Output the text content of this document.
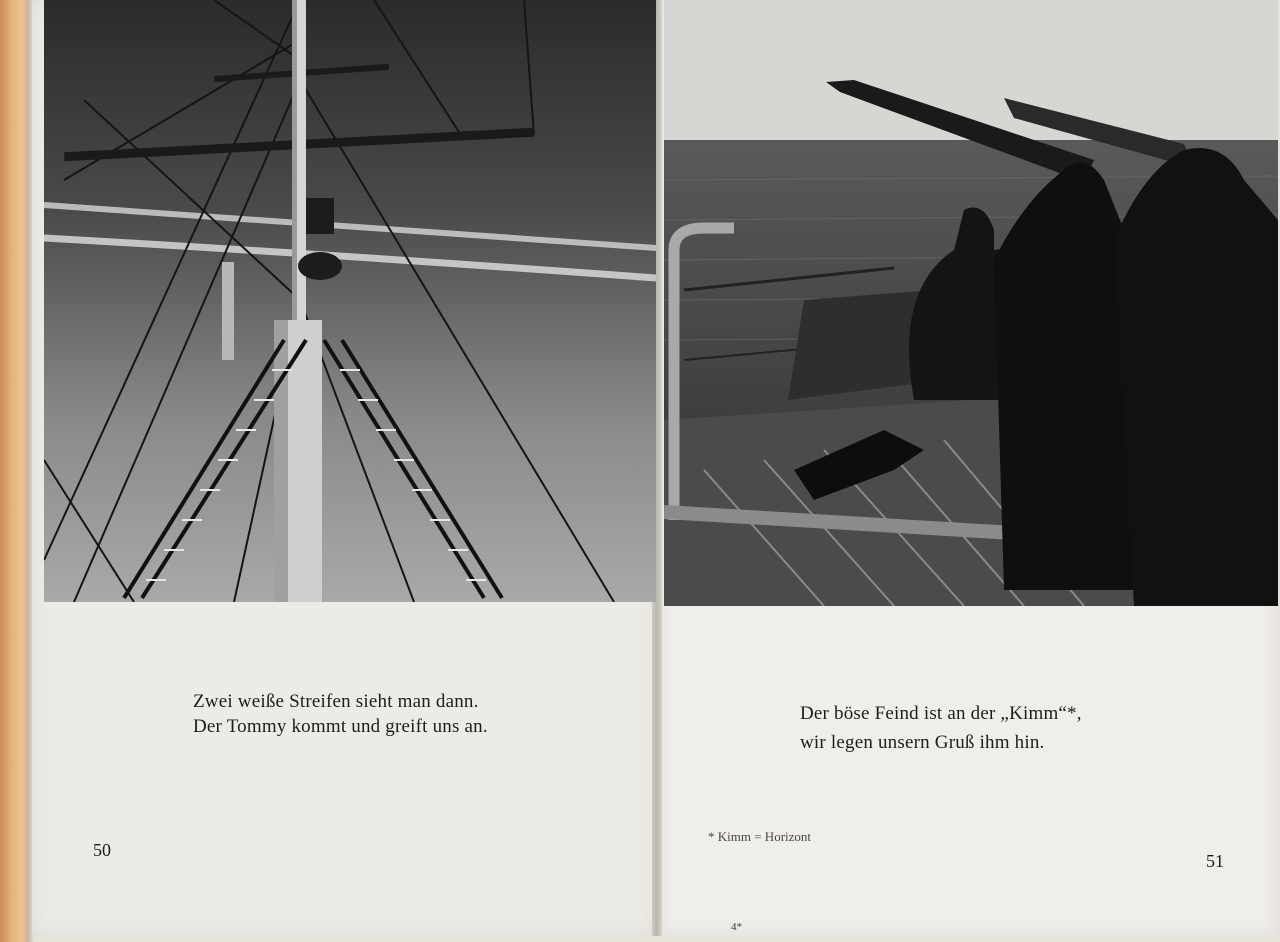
Zwei weiße Streifen sieht man dann.
Der Tommy kommt und greift uns an.
Der böse Feind ist an der „Kimm“*,
wir legen unsern Gruß ihm hin.
* Kimm = Horizont
50
51
4*
